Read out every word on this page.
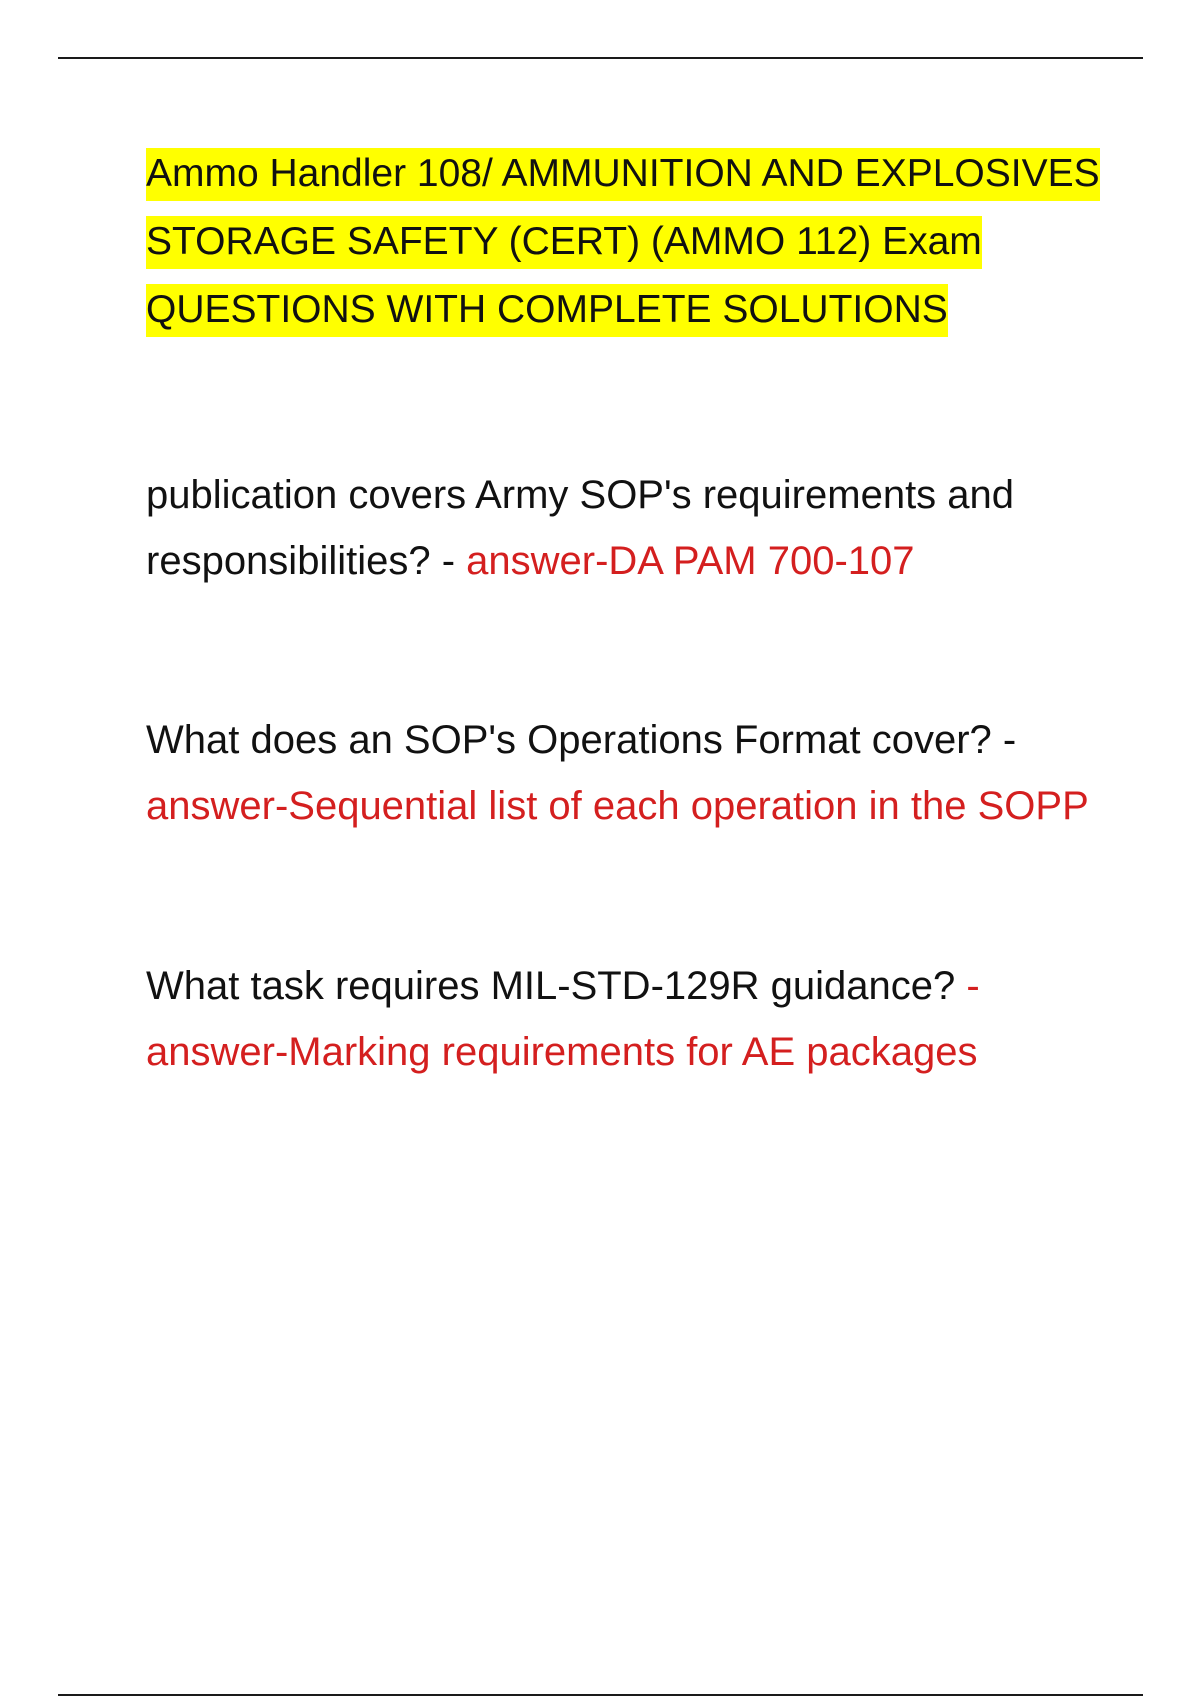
Ammo Handler 108/ AMMUNITION AND EXPLOSIVES STORAGE SAFETY (CERT) (AMMO 112) Exam QUESTIONS WITH COMPLETE SOLUTIONS

publication covers Army SOP's requirements and responsibilities? - answer-DA PAM 700-107

What does an SOP's Operations Format cover? - answer-Sequential list of each operation in the SOPP

What task requires MIL-STD-129R guidance? - answer-Marking requirements for AE packages
